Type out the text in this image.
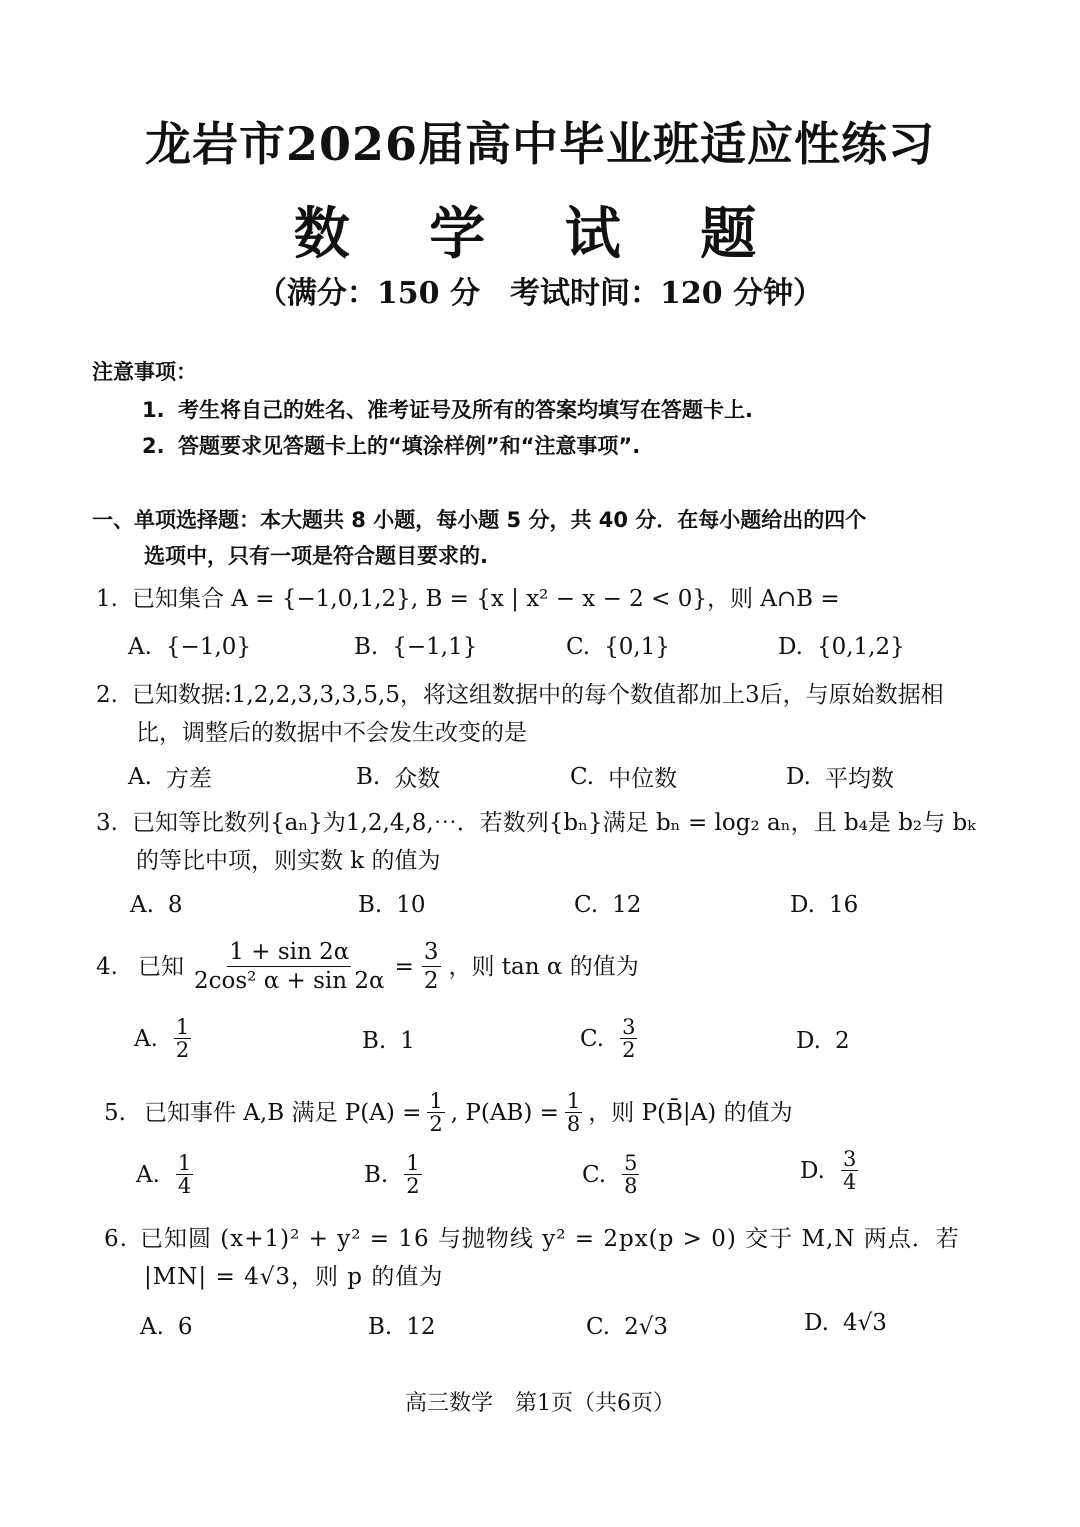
龙岩市2026届高中毕业班适应性练习
数 学 试 题
（满分：150 分 考试时间：120 分钟）
注意事项：
1. 考生将自己的姓名、准考证号及所有的答案均填写在答题卡上.
2. 答题要求见答题卡上的“填涂样例”和“注意事项”.
一、单项选择题：本大题共 8 小题，每小题 5 分，共 40 分．在每小题给出的四个
选项中，只有一项是符合题目要求的.
1. 已知集合 A = {−1,0,1,2}, B = {x | x² − x − 2 < 0}，则 A∩B =
A. {−1,0}	B. {−1,1}	C. {0,1}	D. {0,1,2}
2. 已知数据:1,2,2,3,3,3,5,5，将这组数据中的每个数值都加上3后，与原始数据相
比，调整后的数据中不会发生改变的是
A. 方差	B. 众数	C. 中位数	D. 平均数
3. 已知等比数列{aₙ}为1,2,4,8,⋯．若数列{bₙ}满足 bₙ = log₂ aₙ，且 b₄是 b₂与 bₖ
的等比中项，则实数 k 的值为
A. 8	B. 10	C. 12	D. 16
4. 已知 $\frac{1 + \sin 2\alpha}{\text{2cos² α + sin 2α}} = \frac{3}{2}$ ，则 tan α 的值为
A. $\frac{1}{2}$	B. 1	C. $\frac{3}{2}$	D. 2
5. 已知事件 A,B 满足 $P(A) = \frac{1}{2}$ , $P(AB) = \frac{1}{8}$ ，则 P(B̄|A) 的值为
A. $\frac{1}{4}$	B. $\frac{1}{2}$	C. $\frac{5}{8}$	D. $\frac{3}{4}$
6. 已知圆 (x+1)² + y² = 16 与抛物线 y² = 2px(p > 0) 交于 M,N 两点．若
|MN| = 4√3，则 p 的值为
A. 6	B. 12	C. 2√3	D. 4√3
高三数学　第1页（共6页）
